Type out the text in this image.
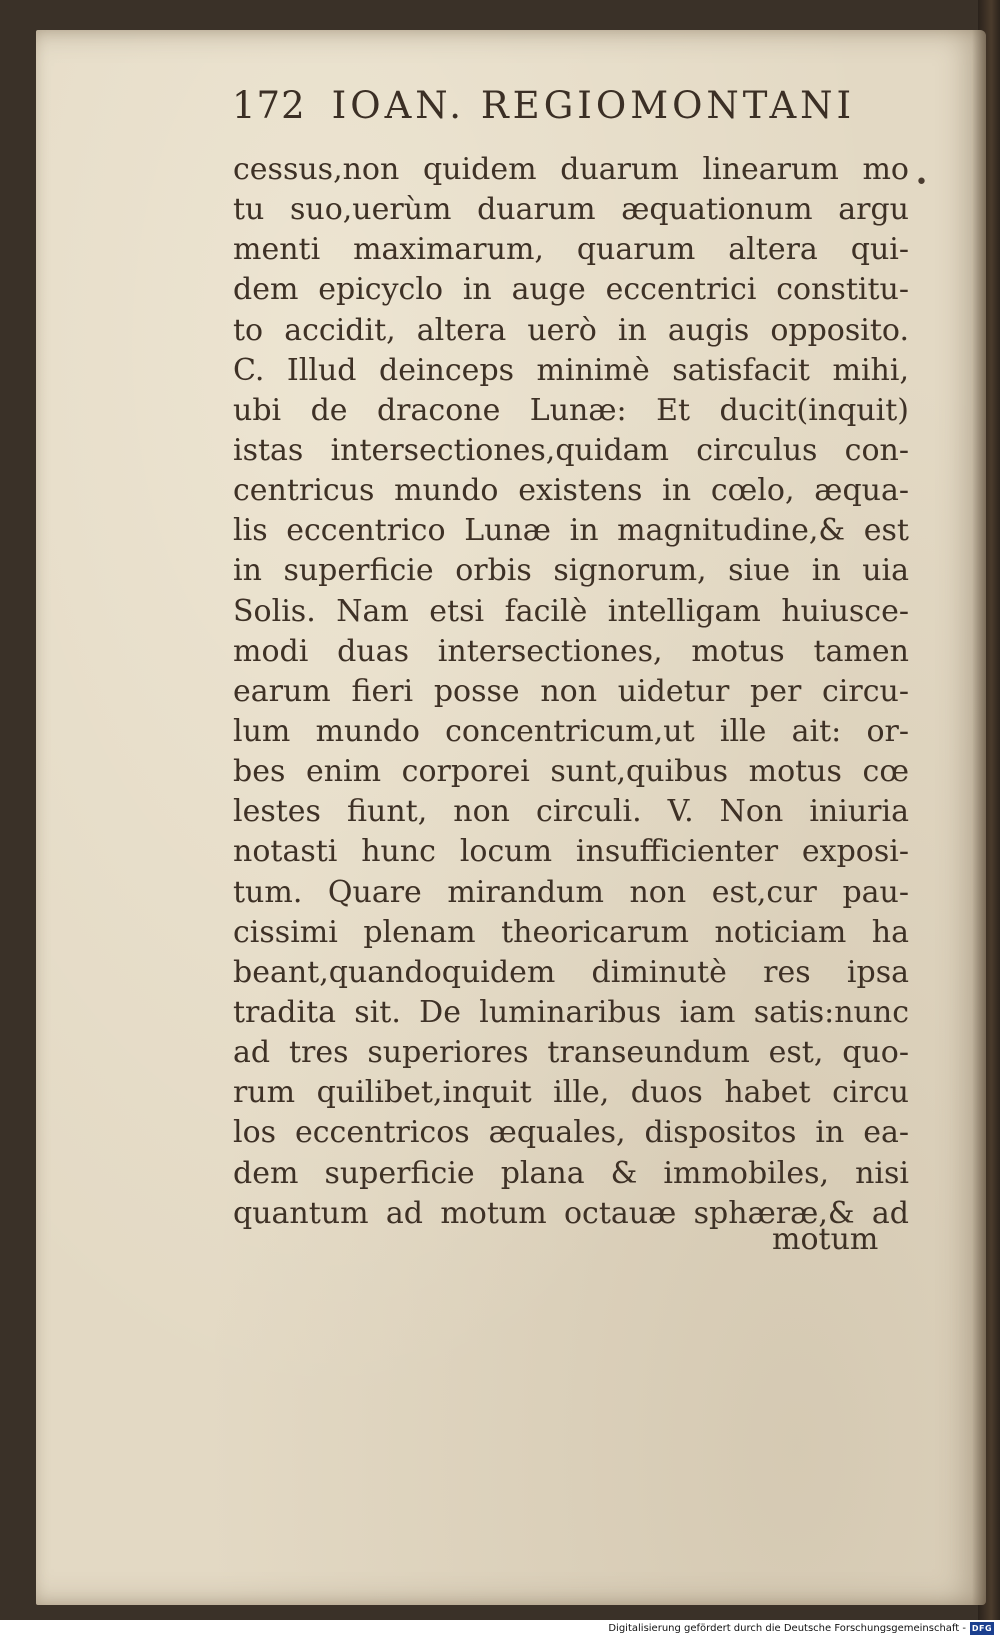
172 IOAN. REGIOMONTANI
cessus,non quidem duarum linearum mo
tu suo,uerùm duarum æquationum argu
menti maximarum, quarum altera qui-
dem epicyclo in auge eccentrici constitu-
to accidit, altera uerò in augis opposito.
C. Illud deinceps minimè satisfacit mihi,
ubi de dracone Lunæ: Et ducit(inquit)
istas intersectiones,quidam circulus con-
centricus mundo existens in cœlo, æqua-
lis eccentrico Lunæ in magnitudine,& est
in superficie orbis signorum, siue in uia
Solis. Nam etsi facilè intelligam huiusce-
modi duas intersectiones, motus tamen
earum fieri posse non uidetur per circu-
lum mundo concentricum,ut ille ait: or-
bes enim corporei sunt,quibus motus cœ
lestes fiunt, non circuli. V. Non iniuria
notasti hunc locum insufficienter exposi-
tum. Quare mirandum non est,cur pau-
cissimi plenam theoricarum noticiam ha
beant,quandoquidem diminutè res ipsa
tradita sit. De luminaribus iam satis:nunc
ad tres superiores transeundum est, quo-
rum quilibet,inquit ille, duos habet circu
los eccentricos æquales, dispositos in ea-
dem superficie plana & immobiles, nisi
quantum ad motum octauæ sphæræ,& ad
motum
•
Digitalisierung gefördert durch die Deutsche Forschungsgemeinschaft - DFG
